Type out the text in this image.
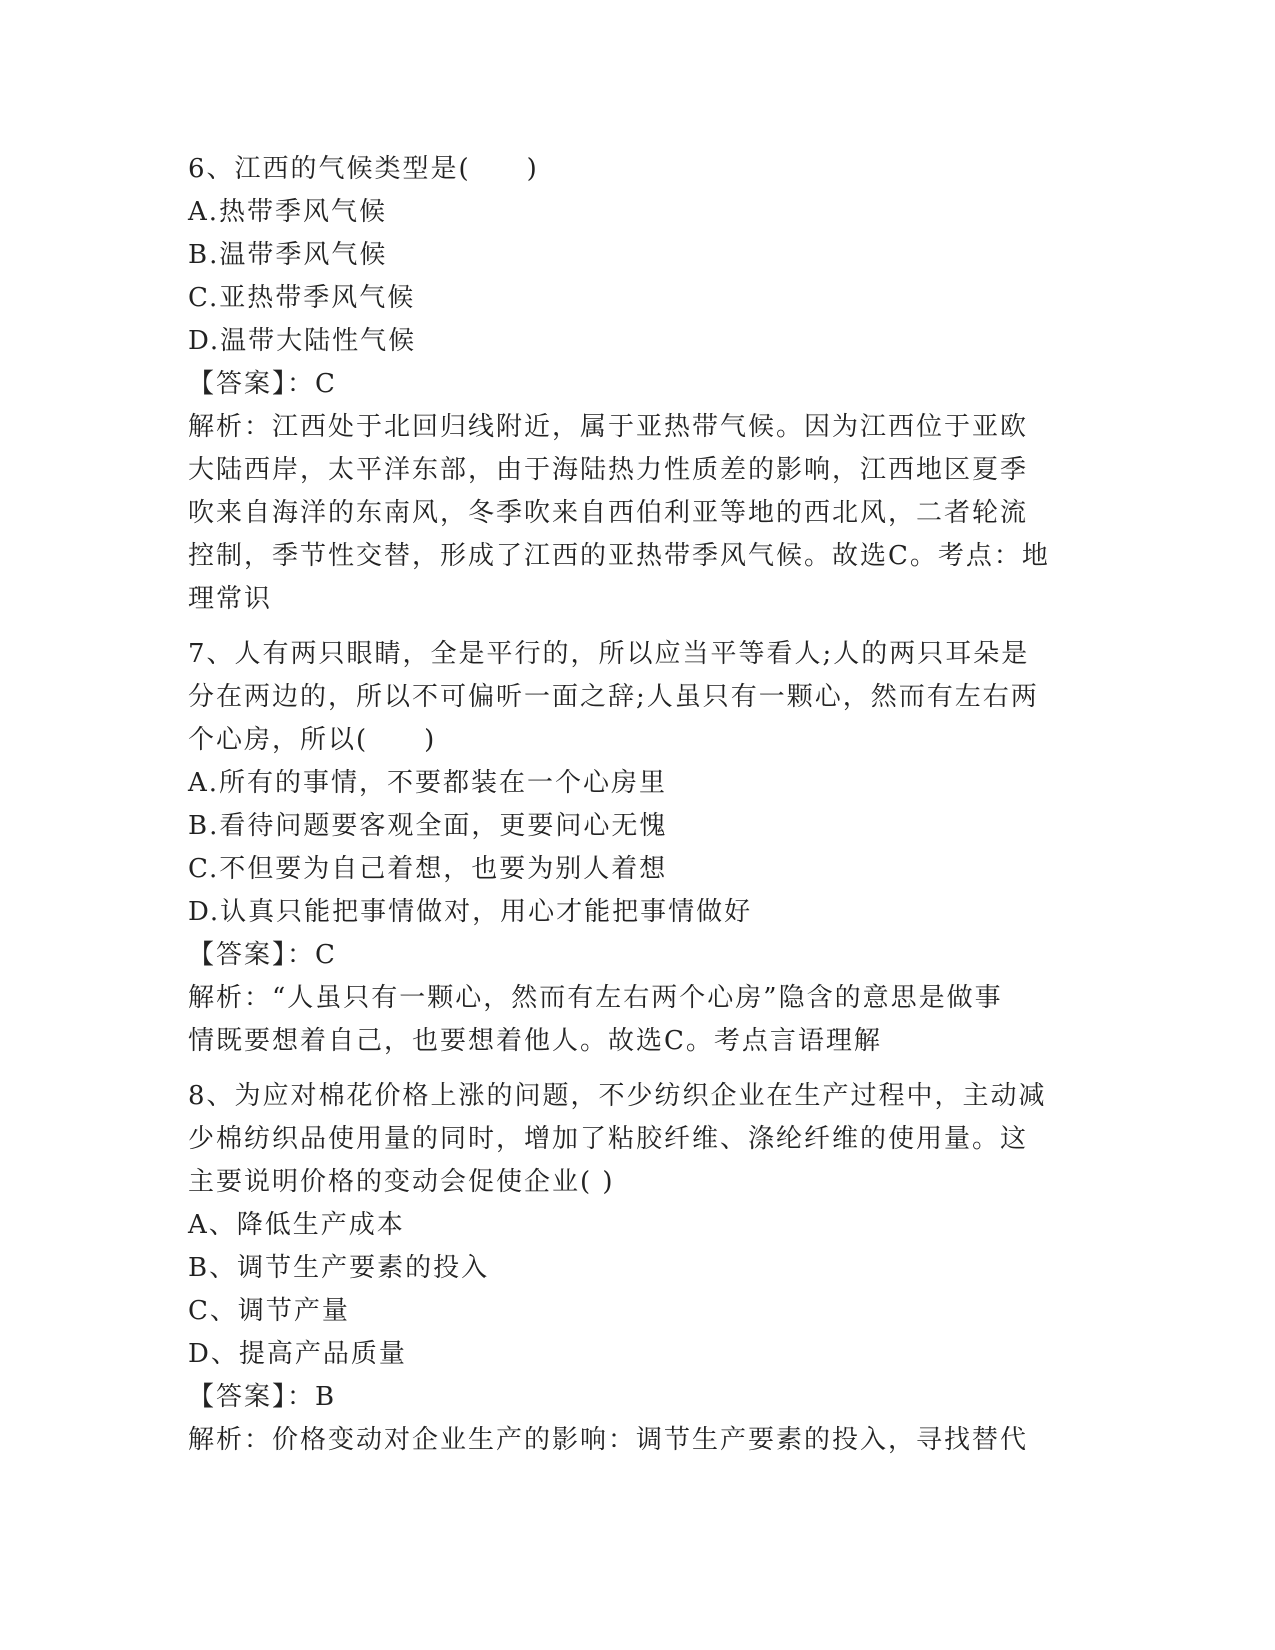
6、江西的气候类型是(　　)

A.热带季风气候

B.温带季风气候

C.亚热带季风气候

D.温带大陆性气候

【答案】：C

解析：江西处于北回归线附近，属于亚热带气候。因为江西位于亚欧

大陆西岸，太平洋东部，由于海陆热力性质差的影响，江西地区夏季

吹来自海洋的东南风，冬季吹来自西伯利亚等地的西北风，二者轮流

控制，季节性交替，形成了江西的亚热带季风气候。故选C。考点：地

理常识

7、人有两只眼睛，全是平行的，所以应当平等看人;人的两只耳朵是

分在两边的，所以不可偏听一面之辞;人虽只有一颗心，然而有左右两

个心房，所以(　　)

A.所有的事情，不要都装在一个心房里

B.看待问题要客观全面，更要问心无愧

C.不但要为自己着想，也要为别人着想

D.认真只能把事情做对，用心才能把事情做好

【答案】：C

解析：“人虽只有一颗心，然而有左右两个心房”隐含的意思是做事

情既要想着自己，也要想着他人。故选C。考点言语理解

8、为应对棉花价格上涨的问题，不少纺织企业在生产过程中，主动减

少棉纺织品使用量的同时，增加了粘胶纤维、涤纶纤维的使用量。这

主要说明价格的变动会促使企业( )

A、降低生产成本

B、调节生产要素的投入

C、调节产量

D、提高产品质量

【答案】：B

解析：价格变动对企业生产的影响：调节生产要素的投入，寻找替代
